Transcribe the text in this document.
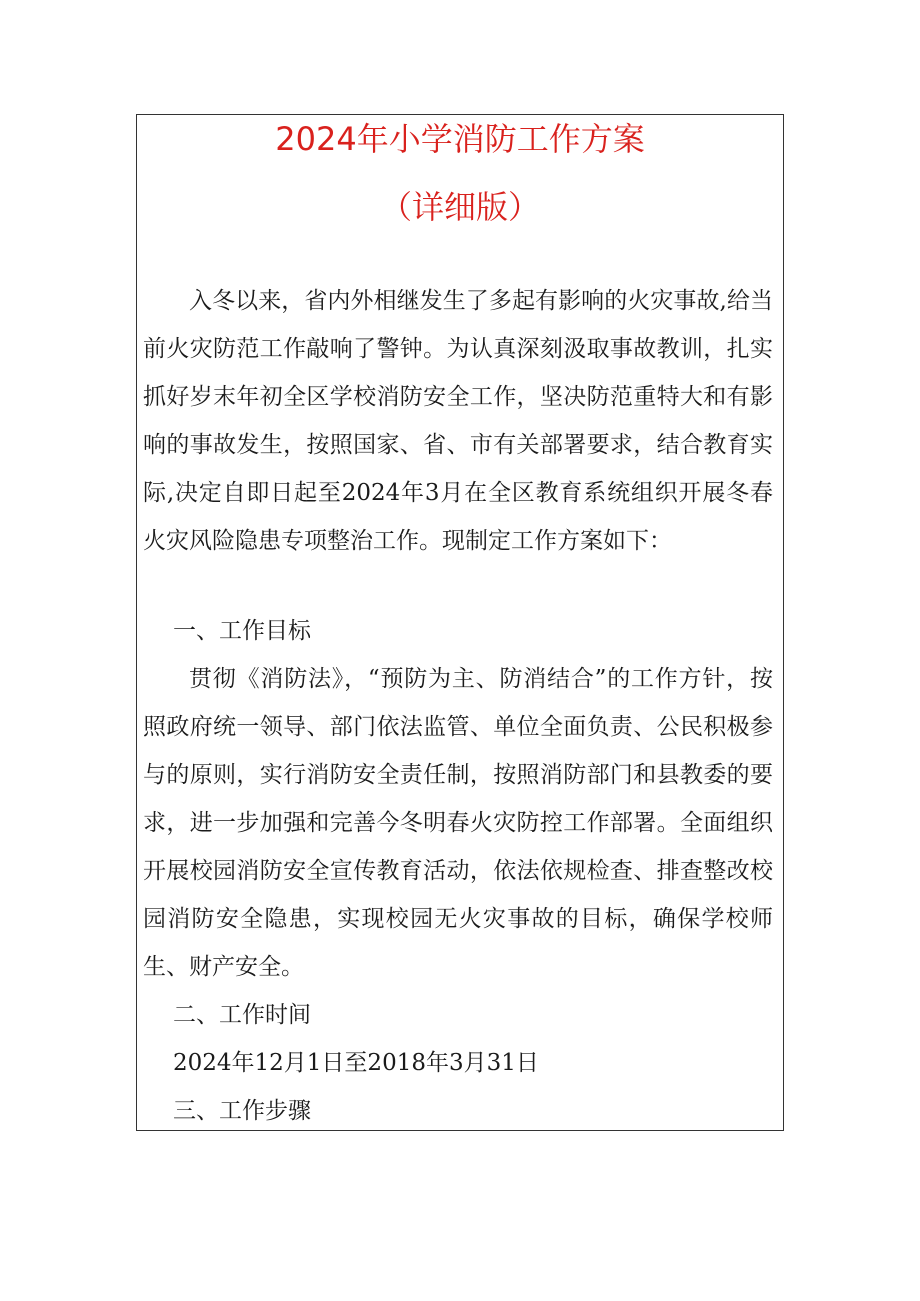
2024年小学消防工作方案
（详细版）

入冬以来，省内外相继发生了多起有影响的火灾事故,给当前火灾防范工作敲响了警钟。为认真深刻汲取事故教训，扎实抓好岁末年初全区学校消防安全工作，坚决防范重特大和有影响的事故发生，按照国家、省、市有关部署要求，结合教育实际,决定自即日起至2024年3月在全区教育系统组织开展冬春火灾风险隐患专项整治工作。现制定工作方案如下：

一、工作目标

贯彻《消防法》，“预防为主、防消结合”的工作方针，按照政府统一领导、部门依法监管、单位全面负责、公民积极参与的原则，实行消防安全责任制，按照消防部门和县教委的要求，进一步加强和完善今冬明春火灾防控工作部署。全面组织开展校园消防安全宣传教育活动，依法依规检查、排查整改校园消防安全隐患，实现校园无火灾事故的目标，确保学校师生、财产安全。

二、工作时间

2024年12月1日至2018年3月31日

三、工作步骤
